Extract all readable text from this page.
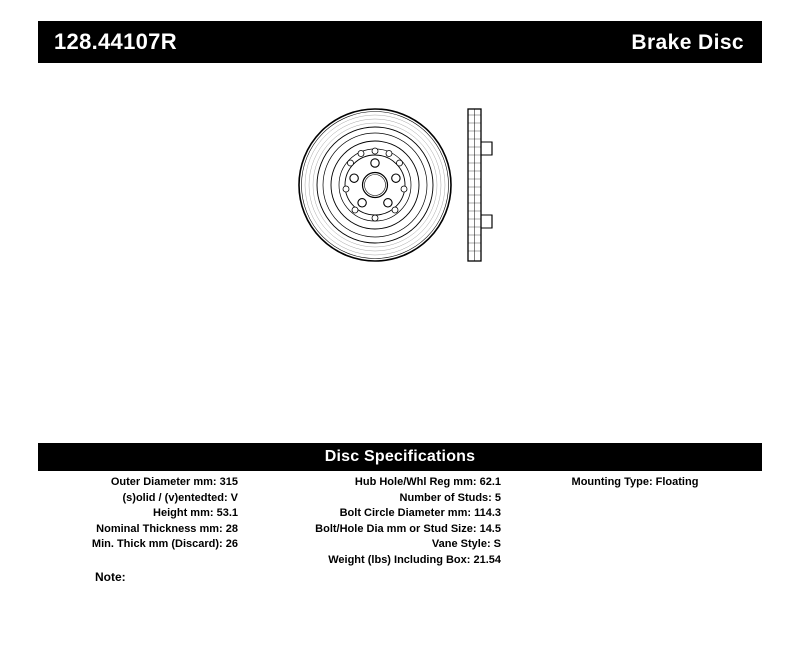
128.44107R	Brake Disc
Disc Specifications
Outer Diameter mm: 315
(s)olid / (v)entedted: V
Height mm: 53.1
Nominal Thickness mm: 28
Min. Thick mm (Discard): 26
Hub Hole/Whl Reg mm: 62.1
Number of Studs: 5
Bolt Circle Diameter mm: 114.3
Bolt/Hole Dia mm or Stud Size: 14.5
Vane Style: S
Weight (lbs) Including Box: 21.54
Mounting Type: Floating
Note:
